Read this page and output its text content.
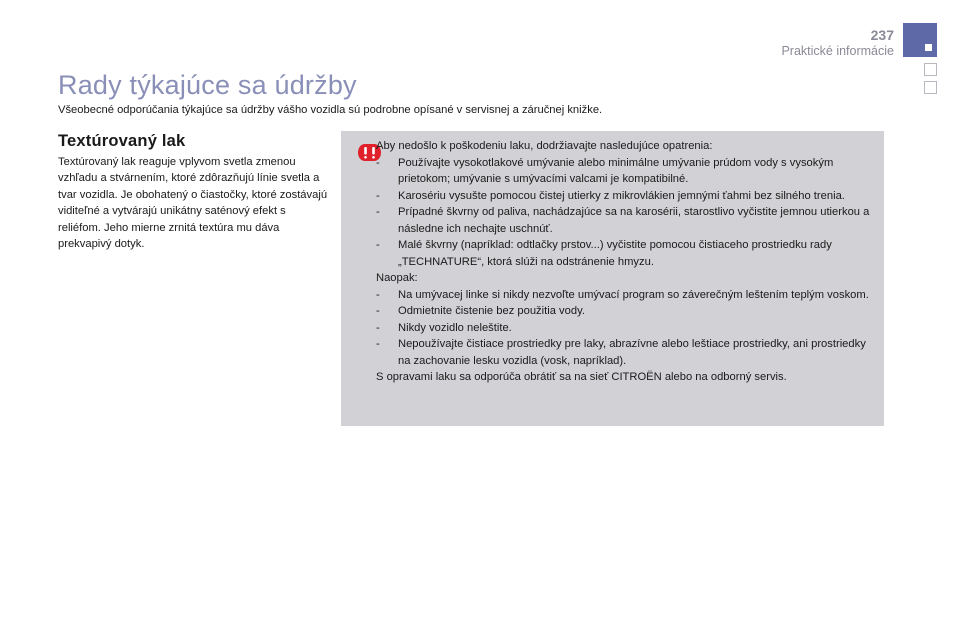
237
Praktické informácie
Rady týkajúce sa údržby

Všeobecné odporúčania týkajúce sa údržby vášho vozidla sú podrobne opísané v servisnej a záručnej knižke.

Textúrovaný lak

Textúrovaný lak reaguje vplyvom svetla zmenou vzhľadu a stvárnením, ktoré zdôrazňujú línie svetla a tvar vozidla. Je obohatený o čiastočky, ktoré zostávajú viditeľné a vytvárajú unikátny saténový efekt s reliéfom. Jeho mierne zrnitá textúra mu dáva prekvapivý dotyk.

Aby nedošlo k poškodeniu laku, dodržiavajte nasledujúce opatrenia:

- Používajte vysokotlakové umývanie alebo minimálne umývanie prúdom vody s vysokým prietokom; umývanie s umývacími valcami je kompatibilné.

- Karosériu vysušte pomocou čistej utierky z mikrovlákien jemnými ťahmi bez silného trenia.

- Prípadné škvrny od paliva, nachádzajúce sa na karosérii, starostlivo vyčistite jemnou utierkou a následne ich nechajte uschnúť.

- Malé škvrny (napríklad: odtlačky prstov...) vyčistite pomocou čistiaceho prostriedku rady „TECHNATURE“, ktorá slúži na odstránenie hmyzu.

Naopak:

- Na umývacej linke si nikdy nezvoľte umývací program so záverečným leštením teplým voskom.

- Odmietnite čistenie bez použitia vody.

- Nikdy vozidlo neleštite.

- Nepoužívajte čistiace prostriedky pre laky, abrazívne alebo leštiace prostriedky, ani prostriedky na zachovanie lesku vozidla (vosk, napríklad).

S opravami laku sa odporúča obrátiť sa na sieť CITROËN alebo na odborný servis.
